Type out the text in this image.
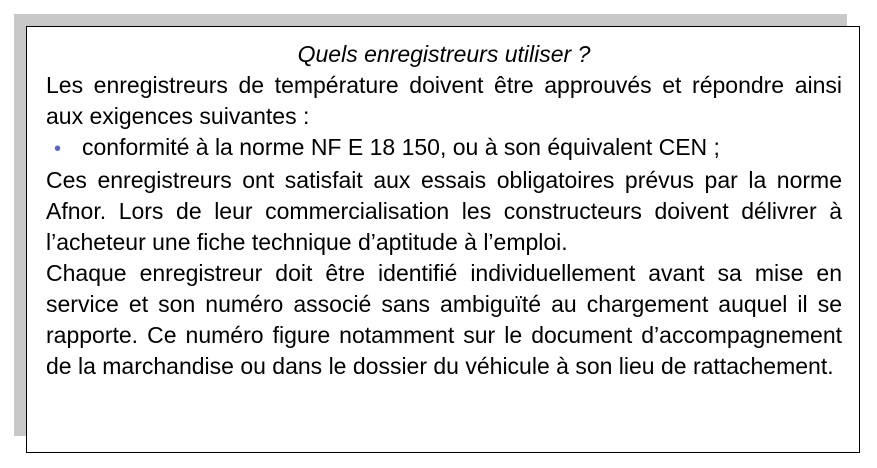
Quels enregistreurs utiliser ?

Les enregistreurs de température doivent être approuvés et répondre ainsi aux exigences suivantes :

• conformité à la norme NF E 18 150, ou à son équivalent CEN ;

Ces enregistreurs ont satisfait aux essais obligatoires prévus par la norme Afnor. Lors de leur commercialisation les constructeurs doivent délivrer à l’acheteur une fiche technique d’aptitude à l’emploi.

Chaque enregistreur doit être identifié individuellement avant sa mise en service et son numéro associé sans ambiguïté au chargement auquel il se rapporte. Ce numéro figure notamment sur le document d’accompagnement de la marchandise ou dans le dossier du véhicule à son lieu de rattachement.
